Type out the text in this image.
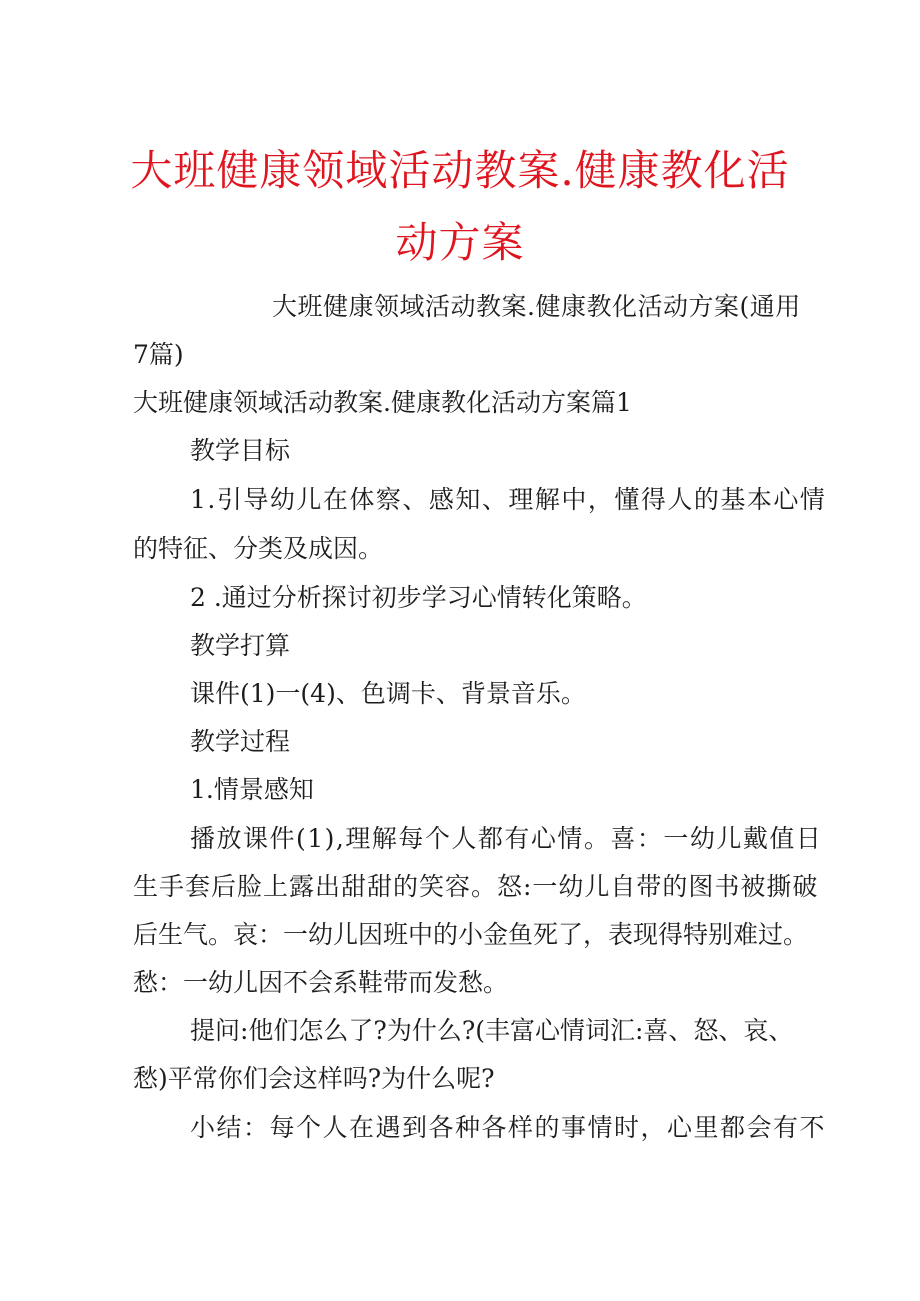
大班健康领域活动教案.健康教化活
动方案
大班健康领域活动教案.健康教化活动方案(通用
7篇)
大班健康领域活动教案.健康教化活动方案篇1
教学目标
1.引导幼儿在体察、感知、理解中，懂得人的基本心情
的特征、分类及成因。
2 .通过分析探讨初步学习心情转化策略。
教学打算
课件(1)一(4)、色调卡、背景音乐。
教学过程
1.情景感知
播放课件(1),理解每个人都有心情。喜：一幼儿戴值日
生手套后脸上露出甜甜的笑容。怒:一幼儿自带的图书被撕破
后生气。哀：一幼儿因班中的小金鱼死了，表现得特别难过。
愁：一幼儿因不会系鞋带而发愁。
提问:他们怎么了?为什么?(丰富心情词汇:喜、怒、哀、
愁)平常你们会这样吗?为什么呢?
小结：每个人在遇到各种各样的事情时，心里都会有不
